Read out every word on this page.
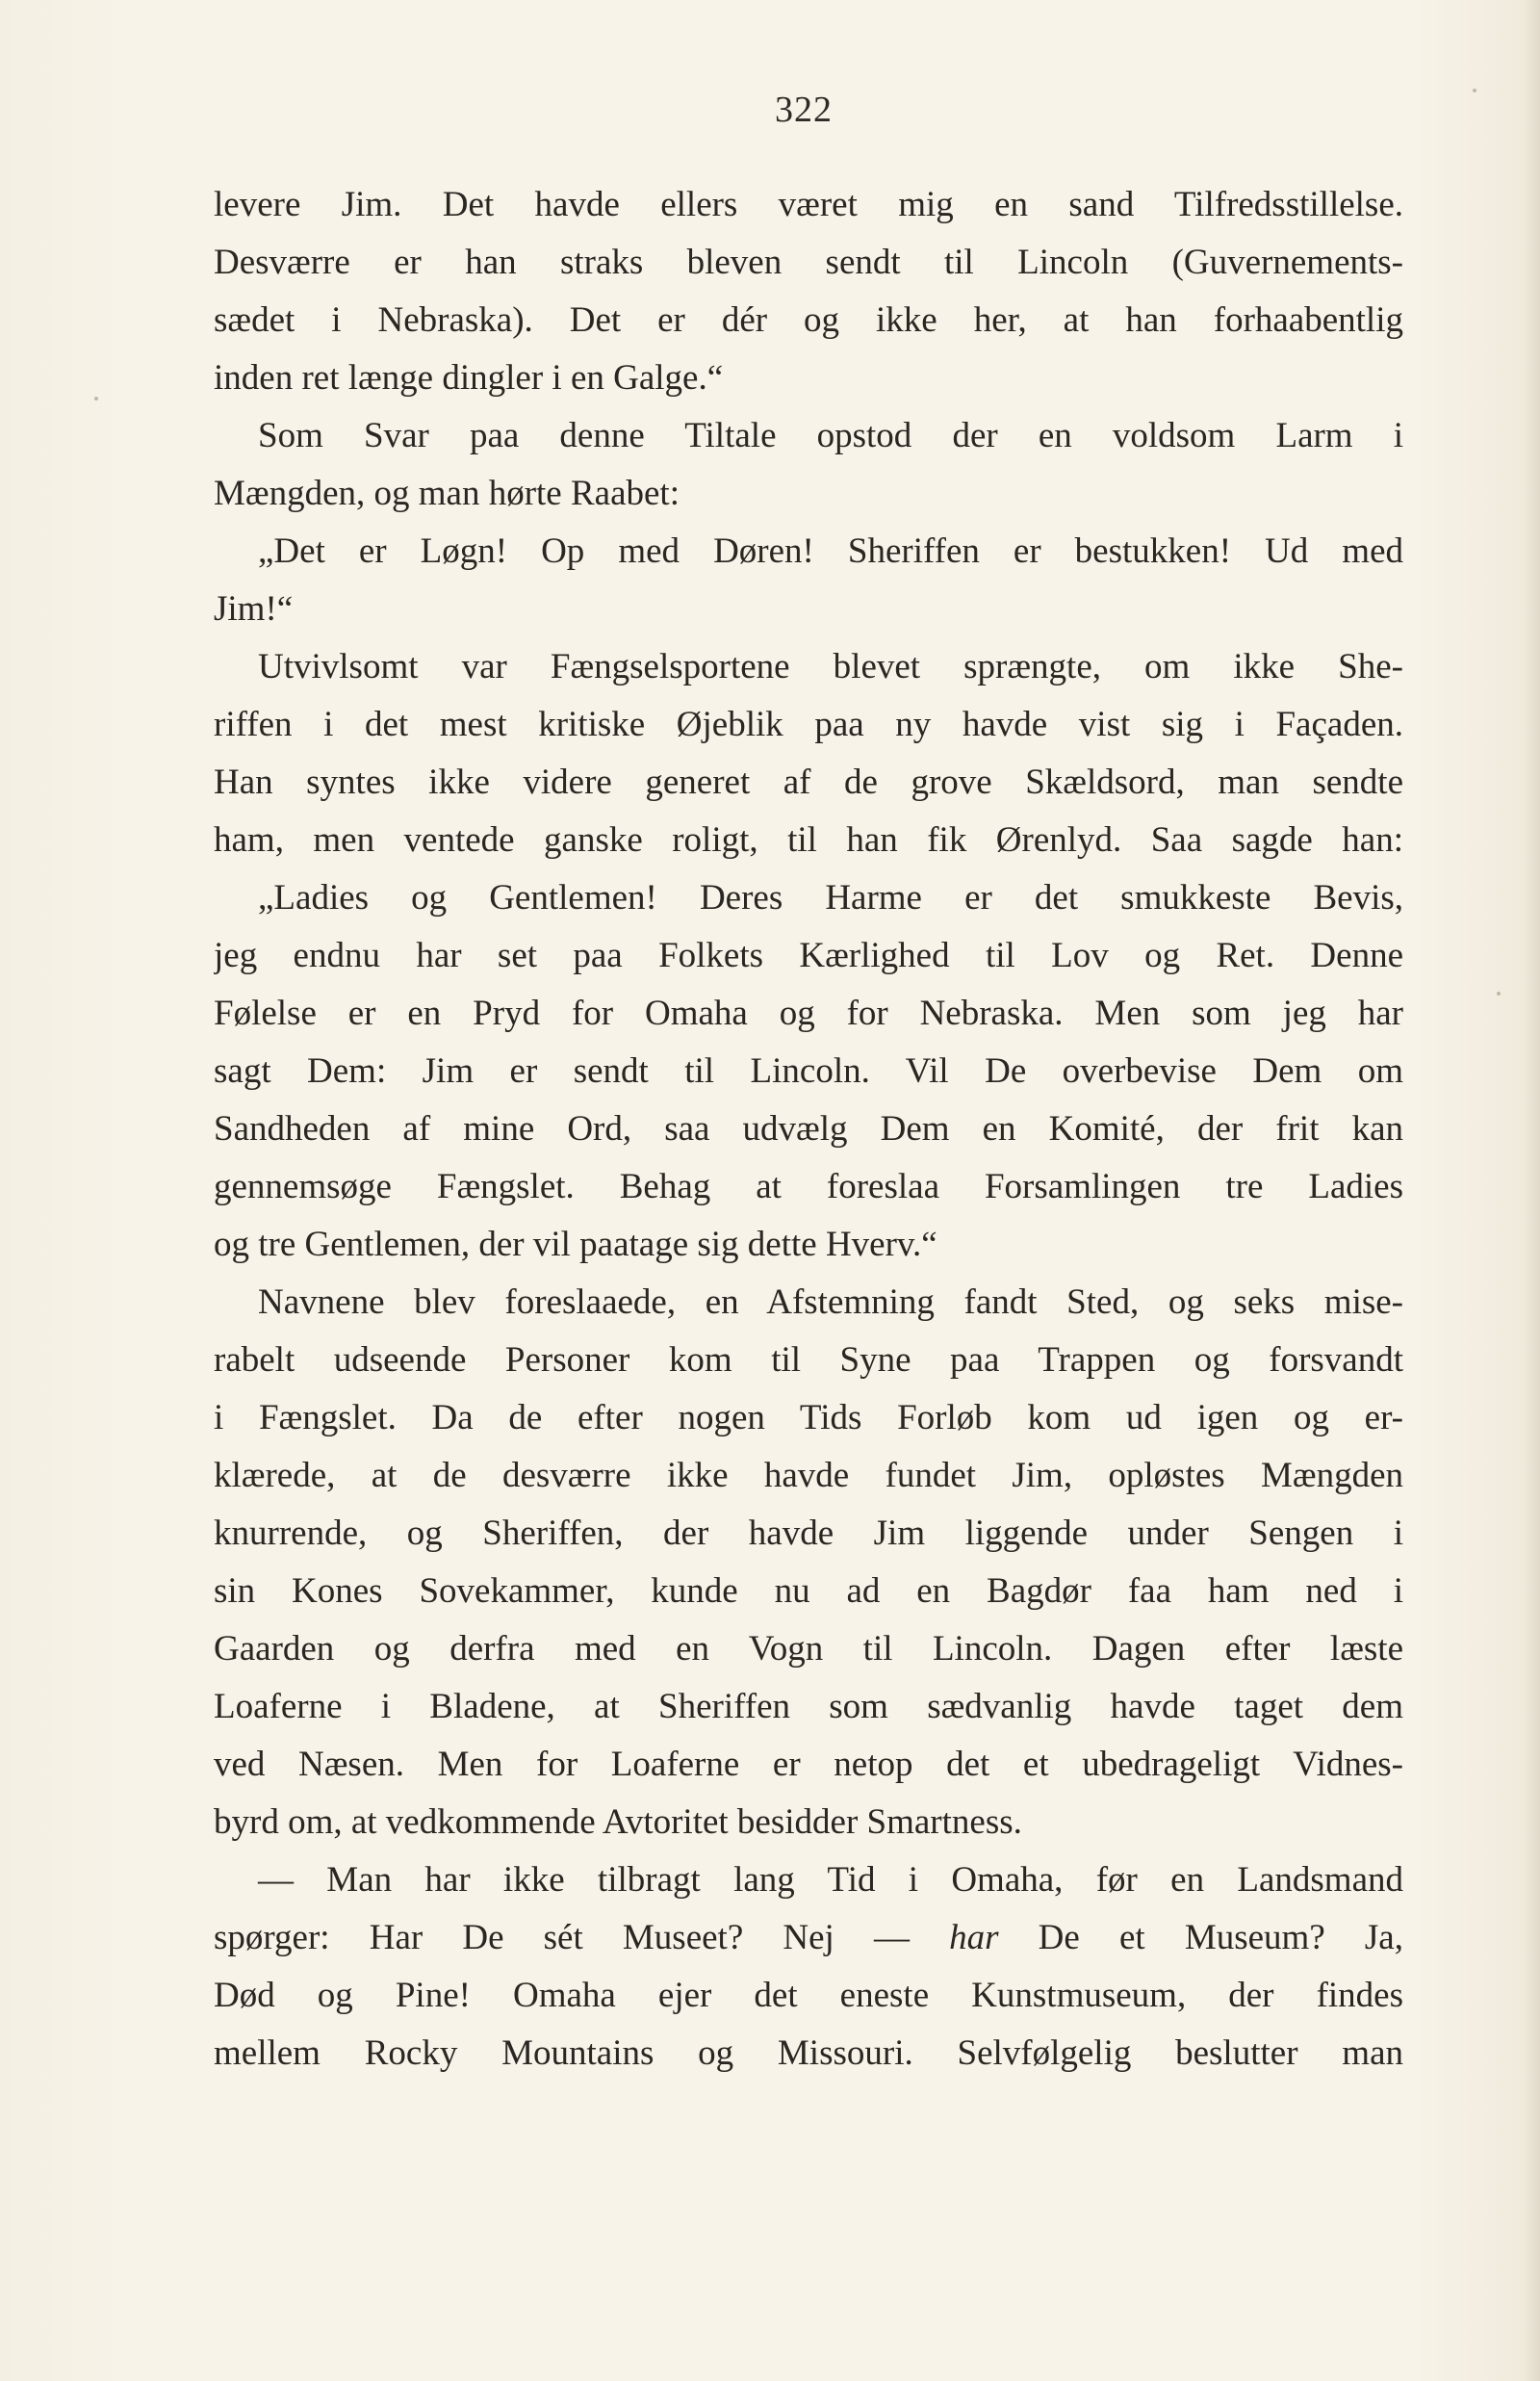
322
levere Jim. Det havde ellers været mig en sand Tilfredsstillelse.
Desværre er han straks bleven sendt til Lincoln (Guvernements-
sædet i Nebraska). Det er dér og ikke her, at han forhaabentlig
inden ret længe dingler i en Galge.“
Som Svar paa denne Tiltale opstod der en voldsom Larm i
Mængden, og man hørte Raabet:
„Det er Løgn! Op med Døren! Sheriffen er bestukken! Ud med
Jim!“
Utvivlsomt var Fængselsportene blevet sprængte, om ikke She-
riffen i det mest kritiske Øjeblik paa ny havde vist sig i Façaden.
Han syntes ikke videre generet af de grove Skældsord, man sendte
ham, men ventede ganske roligt, til han fik Ørenlyd. Saa sagde han:
„Ladies og Gentlemen! Deres Harme er det smukkeste Bevis,
jeg endnu har set paa Folkets Kærlighed til Lov og Ret. Denne
Følelse er en Pryd for Omaha og for Nebraska. Men som jeg har
sagt Dem: Jim er sendt til Lincoln. Vil De overbevise Dem om
Sandheden af mine Ord, saa udvælg Dem en Komité, der frit kan
gennemsøge Fængslet. Behag at foreslaa Forsamlingen tre Ladies
og tre Gentlemen, der vil paatage sig dette Hverv.“
Navnene blev foreslaaede, en Afstemning fandt Sted, og seks mise-
rabelt udseende Personer kom til Syne paa Trappen og forsvandt
i Fængslet. Da de efter nogen Tids Forløb kom ud igen og er-
klærede, at de desværre ikke havde fundet Jim, opløstes Mængden
knurrende, og Sheriffen, der havde Jim liggende under Sengen i
sin Kones Sovekammer, kunde nu ad en Bagdør faa ham ned i
Gaarden og derfra med en Vogn til Lincoln. Dagen efter læste
Loaferne i Bladene, at Sheriffen som sædvanlig havde taget dem
ved Næsen. Men for Loaferne er netop det et ubedrageligt Vidnes-
byrd om, at vedkommende Avtoritet besidder Smartness.
— Man har ikke tilbragt lang Tid i Omaha, før en Landsmand
spørger: Har De sét Museet? Nej — har De et Museum? Ja,
Død og Pine! Omaha ejer det eneste Kunstmuseum, der findes
mellem Rocky Mountains og Missouri. Selvfølgelig beslutter man
